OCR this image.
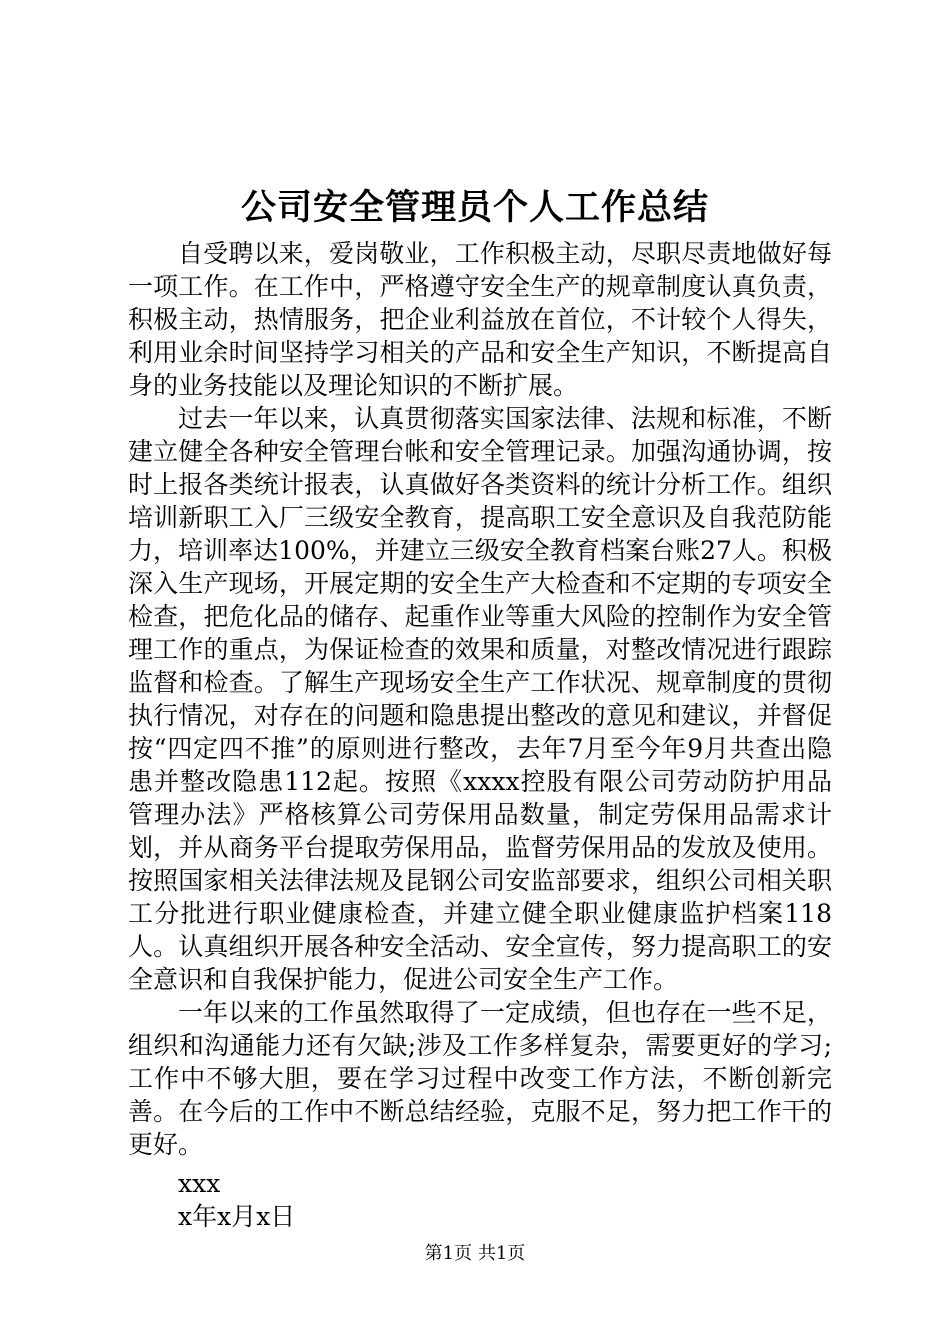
公司安全管理员个人工作总结

自受聘以来，爱岗敬业，工作积极主动，尽职尽责地做好每一项工作。在工作中，严格遵守安全生产的规章制度认真负责，积极主动，热情服务，把企业利益放在首位，不计较个人得失，利用业余时间坚持学习相关的产品和安全生产知识，不断提高自身的业务技能以及理论知识的不断扩展。

过去一年以来，认真贯彻落实国家法律、法规和标准，不断建立健全各种安全管理台帐和安全管理记录。加强沟通协调，按时上报各类统计报表，认真做好各类资料的统计分析工作。组织培训新职工入厂三级安全教育，提高职工安全意识及自我范防能力，培训率达100%，并建立三级安全教育档案台账27人。积极深入生产现场，开展定期的安全生产大检查和不定期的专项安全检查，把危化品的储存、起重作业等重大风险的控制作为安全管理工作的重点，为保证检查的效果和质量，对整改情况进行跟踪监督和检查。了解生产现场安全生产工作状况、规章制度的贯彻执行情况，对存在的问题和隐患提出整改的意见和建议，并督促按“四定四不推”的原则进行整改，去年7月至今年9月共查出隐患并整改隐患112起。按照《xxxx控股有限公司劳动防护用品管理办法》严格核算公司劳保用品数量，制定劳保用品需求计划，并从商务平台提取劳保用品，监督劳保用品的发放及使用。按照国家相关法律法规及昆钢公司安监部要求，组织公司相关职工分批进行职业健康检查，并建立健全职业健康监护档案118人。认真组织开展各种安全活动、安全宣传，努力提高职工的安全意识和自我保护能力，促进公司安全生产工作。

一年以来的工作虽然取得了一定成绩，但也存在一些不足，组织和沟通能力还有欠缺;涉及工作多样复杂，需要更好的学习;工作中不够大胆，要在学习过程中改变工作方法，不断创新完善。在今后的工作中不断总结经验，克服不足，努力把工作干的更好。

xxx

x年x月x日

第1页 共1页
